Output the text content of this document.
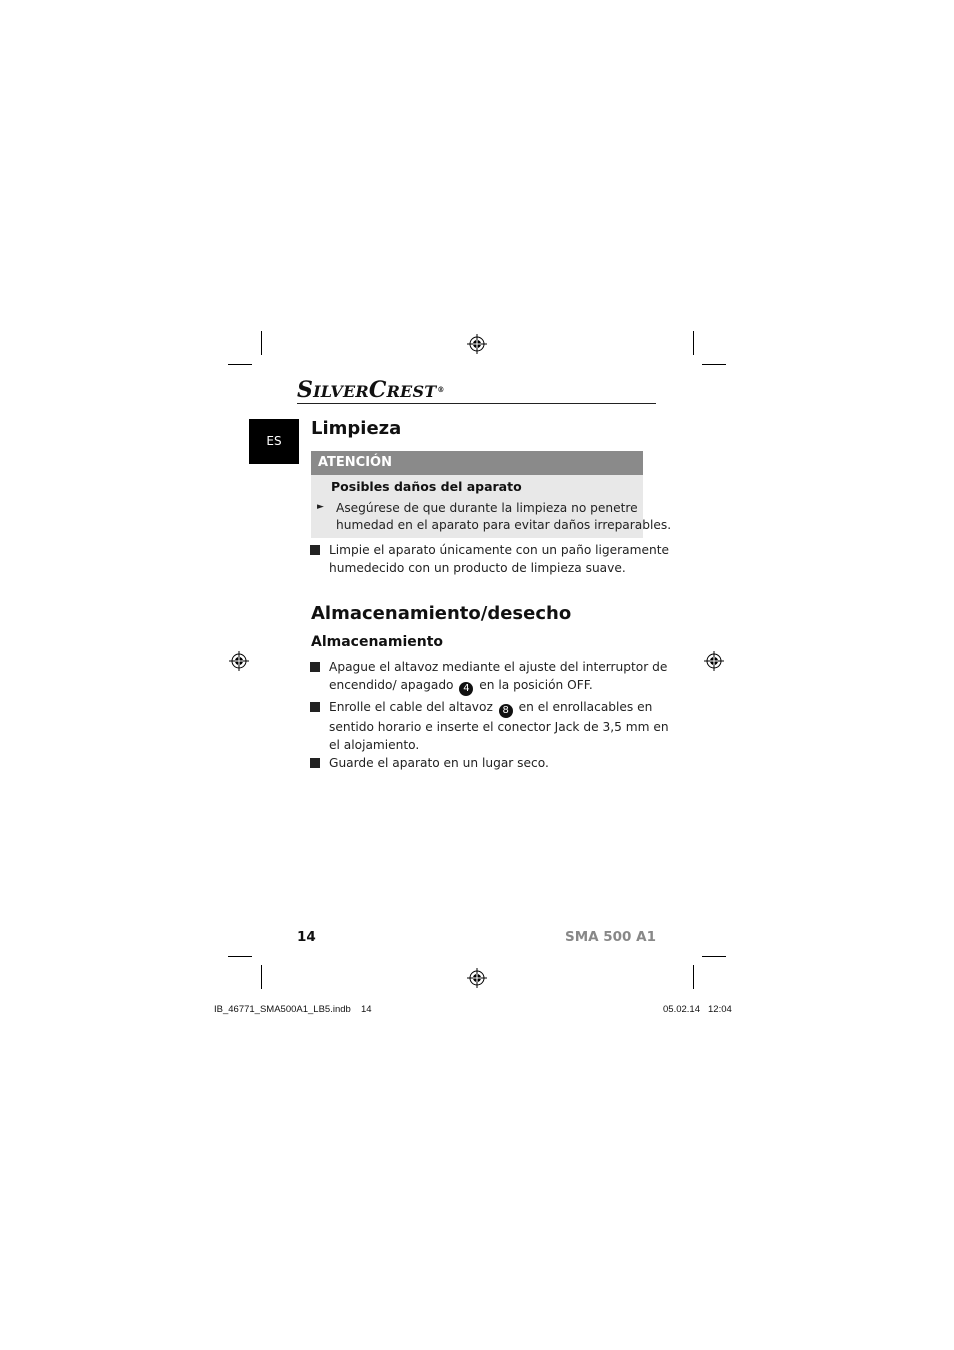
SILVERCREST®
ES
Limpieza
ATENCIÓN
Posibles daños del aparato
► Asegúrese de que durante la limpieza no penetre
humedad en el aparato para evitar daños irreparables.
Limpie el aparato únicamente con un paño ligeramente
humedecido con un producto de limpieza suave.
Almacenamiento/desecho
Almacenamiento
Apague el altavoz mediante el ajuste del interruptor de
encendido/ apagado 4 en la posición OFF.
Enrolle el cable del altavoz 8 en el enrollacables en
sentido horario e inserte el conector Jack de 3,5 mm en
el alojamiento.
Guarde el aparato en un lugar seco.
14	SMA 500 A1
IB_46771_SMA500A1_LB5.indb 14	05.02.14 12:04
